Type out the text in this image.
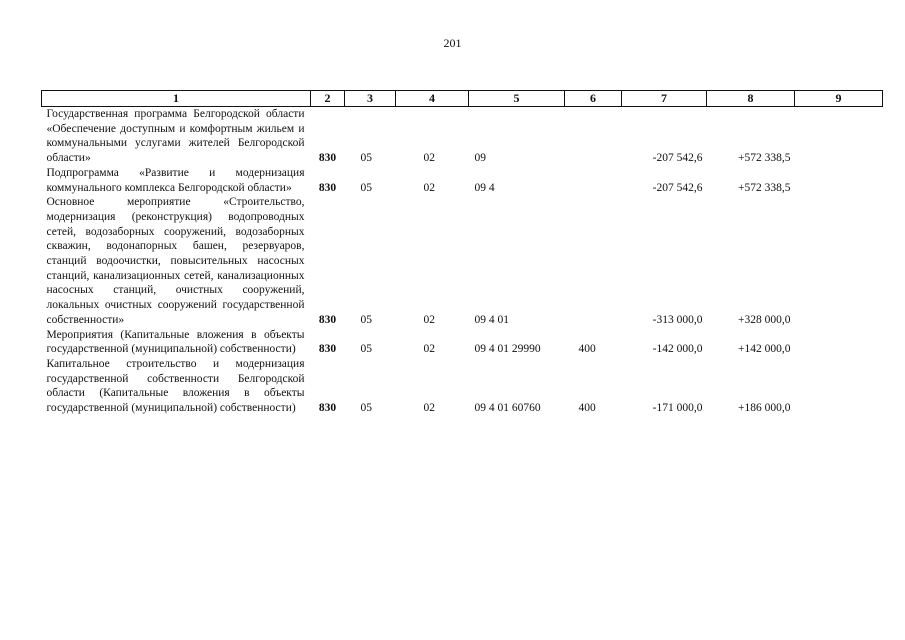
201
1	2	3	4	5	6	7	8	9
Государственная программа Белгородской области «Обеспечение доступным и комфортным жильем и коммунальными услугами жителей Белгородской области»	830	05	02	09		-207 542,6	+572 338,5	
Подпрограмма «Развитие и модернизация коммунального комплекса Белгородской области»	830	05	02	09 4		-207 542,6	+572 338,5	
Основное мероприятие «Строительство, модернизация (реконструкция) водопроводных сетей, водозаборных сооружений, водозаборных скважин, водонапорных башен, резервуаров, станций водоочистки, повысительных насосных станций, канализационных сетей, канализационных насосных станций, очистных сооружений, локальных очистных сооружений государственной собственности»	830	05	02	09 4 01		-313 000,0	+328 000,0	
Мероприятия (Капитальные вложения в объекты государственной (муниципальной) собственности)	830	05	02	09 4 01 29990	400	-142 000,0	+142 000,0	
Капитальное строительство и модернизация государственной собственности Белгородской области (Капитальные вложения в объекты государственной (муниципальной) собственности)	830	05	02	09 4 01 60760	400	-171 000,0	+186 000,0	
